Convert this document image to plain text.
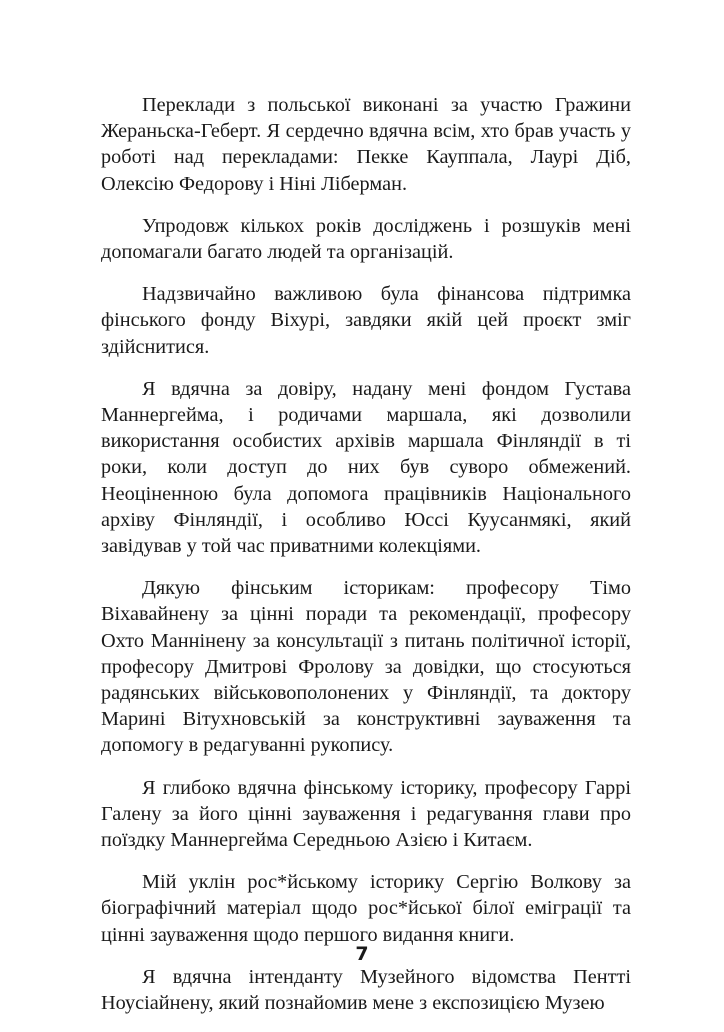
Переклади з польської виконані за участю Гражини Жераньска-Геберт. Я сердечно вдячна всім, хто брав участь у роботі над перекладами: Пекке Кауппала, Лаурі Діб, Олексію Федорову і Ніні Ліберман.

Упродовж кількох років досліджень і розшуків мені допомагали багато людей та організацій.

Надзвичайно важливою була фінансова підтримка фінського фонду Віхурі, завдяки якій цей проєкт зміг здійснитися.

Я вдячна за довіру, надану мені фондом Густава Маннергейма, і родичами маршала, які дозволили використання особистих архівів маршала Фінляндії в ті роки, коли доступ до них був суворо обмежений. Неоціненною була допомога працівників Національного архіву Фінляндії, і особливо Юссі Куусанмякі, який завідував у той час приватними колекціями.

Дякую фінським історикам: професору Тімо Віхавайнену за цінні поради та рекомендації, професору Охто Маннінену за консультації з питань політичної історії, професору Дмитрові Фролову за довідки, що стосуються радянських військовополонених у Фінляндії, та доктору Марині Вітухновській за конструктивні зауваження та допомогу в редагуванні рукопису.

Я глибоко вдячна фінському історику, професору Гаррі Галену за його цінні зауваження і редагування глави про поїздку Маннергейма Середньою Азією і Китаєм.

Мій уклін рос*йському історику Сергію Волкову за біографічний матеріал щодо рос*йської білої еміграції та цінні зауваження щодо першого видання книги.

Я вдячна інтенданту Музейного відомства Пентті Ноусіайнену, який познайомив мене з експозицією Музею

7
